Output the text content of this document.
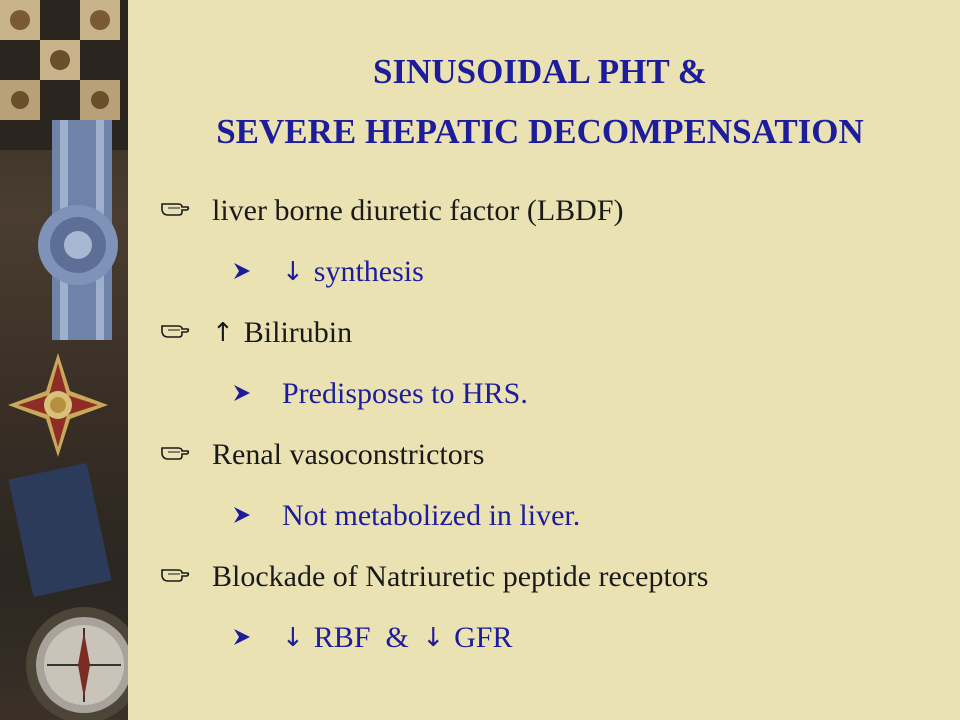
SINUSOIDAL PHT &
SEVERE HEPATIC DECOMPENSATION
liver borne diuretic factor (LBDF)
↓ synthesis
↑ Bilirubin
Predisposes to HRS.
Renal vasoconstrictors
Not metabolized in liver.
Blockade of Natriuretic peptide receptors
↓ RBF  & ↓ GFR
